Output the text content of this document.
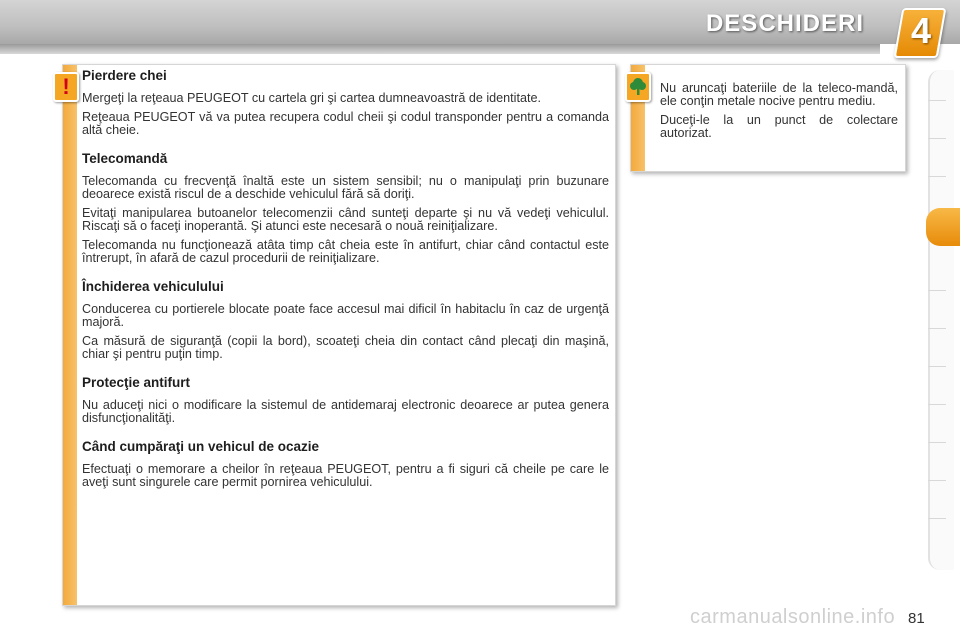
DESCHIDERI 4
! Pierdere chei

Mergeţi la reţeaua PEUGEOT cu cartela gri şi cartea dumneavoastră de identitate.

Reţeaua PEUGEOT vă va putea recupera codul cheii şi codul transponder pentru a comanda altă cheie.

Telecomandă

Telecomanda cu frecvenţă înaltă este un sistem sensibil; nu o manipulaţi prin buzunare deoarece există riscul de a deschide vehiculul fără să doriţi.

Evitaţi manipularea butoanelor telecomenzii când sunteţi departe şi nu vă vedeţi vehiculul. Riscaţi să o faceţi inoperantă. Şi atunci este necesară o nouă reiniţializare.

Telecomanda nu funcţionează atâta timp cât cheia este în antifurt, chiar când contactul este întrerupt, în afară de cazul procedurii de reiniţializare.

Închiderea vehiculului

Conducerea cu portierele blocate poate face accesul mai dificil în habitaclu în caz de urgenţă majoră.

Ca măsură de siguranţă (copii la bord), scoateţi cheia din contact când plecaţi din maşină, chiar şi pentru puţin timp.

Protecţie antifurt

Nu aduceţi nici o modificare la sistemul de antidemaraj electronic deoarece ar putea genera disfuncţionalităţi.

Când cumpăraţi un vehicul de ocazie

Efectuaţi o memorare a cheilor în reţeaua PEUGEOT, pentru a fi siguri că cheile pe care le aveţi sunt singurele care permit pornirea vehiculului.

Nu aruncaţi bateriile de la teleco-mandă, ele conţin metale nocive pentru mediu.

Duceţi-le la un punct de colectare autorizat.

carmanualsonline.info 81
